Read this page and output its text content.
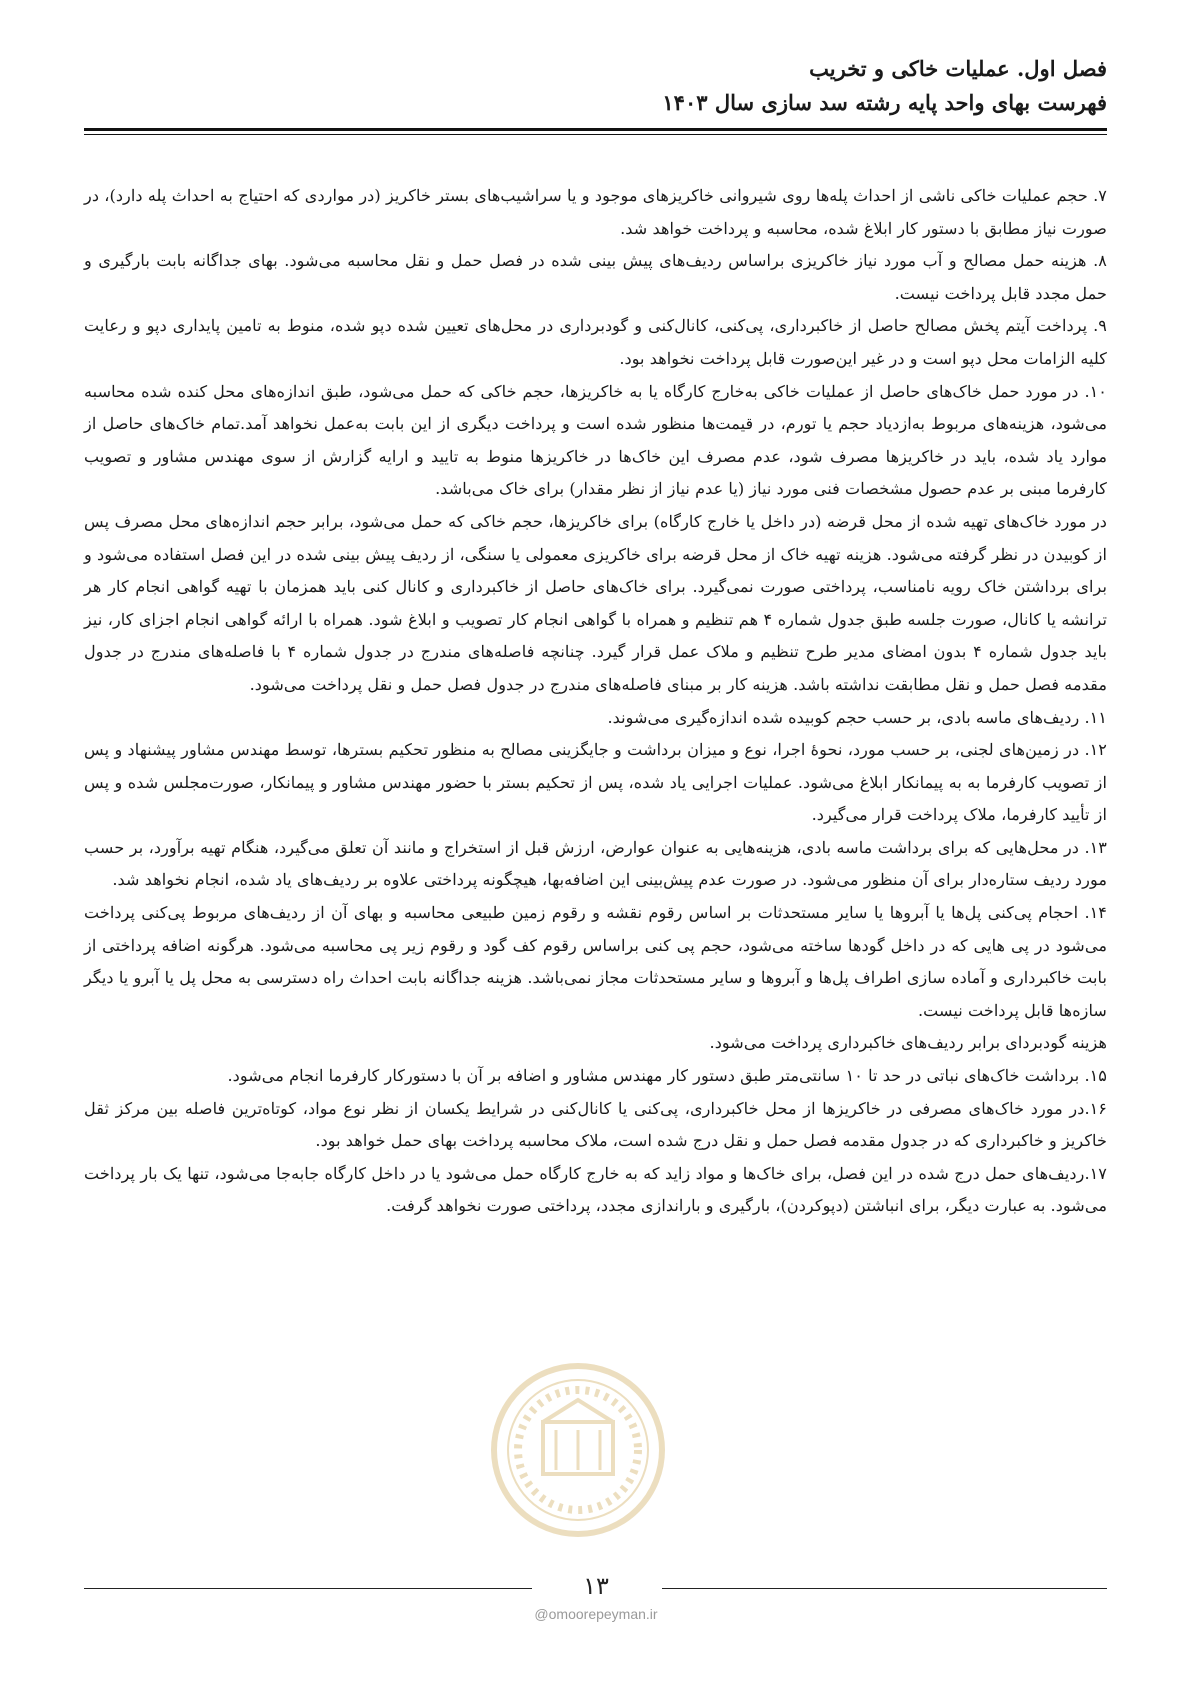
فصل اول. عملیات خاکی و تخریب
فهرست بهای واحد پایه رشته سد سازی سال ۱۴۰۳

۷. حجم عملیات خاکی ناشی از احداث پله‌ها روی شیروانی خاکریزهای موجود و یا سراشیب‌های بستر خاکریز (در مواردی که احتیاج به احداث پله دارد)، در صورت نیاز مطابق با دستور کار ابلاغ شده، محاسبه و پرداخت خواهد شد.

۸. هزینه حمل مصالح و آب مورد نیاز خاکریزی براساس ردیف‌های پیش بینی شده در فصل حمل و نقل محاسبه می‌شود. بهای جداگانه بابت بارگیری و حمل مجدد قابل پرداخت نیست.

۹. پرداخت آیتم پخش مصالح حاصل از خاکبرداری، پی‌کنی، کانال‌کنی و گودبرداری در محل‌های تعیین شده دپو شده، منوط به تامین پایداری دپو و رعایت کلیه الزامات محل دپو است و در غیر این‌صورت قابل پرداخت نخواهد بود.

۱۰. در مورد حمل خاک‌های حاصل از عملیات خاکی به‌خارج کارگاه یا به خاکریزها، حجم خاکی که حمل می‌شود، طبق اندازه‌های محل کنده شده محاسبه می‌شود، هزینه‌های مربوط به‌ازدیاد حجم یا تورم، در قیمت‌ها منظور شده است و پرداخت دیگری از این بابت به‌عمل نخواهد آمد.تمام خاک‌های حاصل از موارد یاد شده، باید در خاکریزها مصرف شود، عدم مصرف این خاک‌ها در خاکریزها منوط به تایید و ارایه گزارش از سوی مهندس مشاور و تصویب کارفرما مبنی بر عدم حصول مشخصات فنی مورد نیاز (یا عدم نیاز از نظر مقدار) برای خاک می‌باشد.

در مورد خاک‌های تهیه شده از محل قرضه (در داخل یا خارج کارگاه) برای خاکریزها، حجم خاکی که حمل می‌شود، برابر حجم اندازه‌های محل مصرف پس از کوبیدن در نظر گرفته می‌شود. هزینه تهیه خاک از محل قرضه برای خاکریزی معمولی یا سنگی، از ردیف پیش بینی شده در این فصل استفاده می‌شود و برای برداشتن خاک رویه نامناسب، پرداختی صورت نمی‌گیرد. برای خاک‌های حاصل از خاکبرداری و کانال کنی باید همزمان با تهیه گواهی انجام کار هر ترانشه یا کانال، صورت جلسه طبق جدول شماره ۴ هم تنظیم و همراه با گواهی انجام کار تصویب و ابلاغ شود. همراه با ارائه گواهی انجام اجزای کار، نیز باید جدول شماره ۴ بدون امضای مدیر طرح تنظیم و ملاک عمل قرار گیرد. چنانچه فاصله‌های مندرج در جدول شماره ۴ با فاصله‌های مندرج در جدول مقدمه فصل حمل و نقل مطابقت نداشته باشد. هزینه کار بر مبنای فاصله‌های مندرج در جدول فصل حمل و نقل پرداخت می‌شود.

۱۱. ردیف‌های ماسه بادی، بر حسب حجم کوبیده شده اندازه‌گیری می‌شوند.

۱۲. در زمین‌های لجنی، بر حسب مورد، نحوهٔ اجرا، نوع و میزان برداشت و جایگزینی مصالح به منظور تحکیم بسترها، توسط مهندس مشاور پیشنهاد و پس از تصویب کارفرما به به پیمانکار ابلاغ می‌شود. عملیات اجرایی یاد شده، پس از تحکیم بستر با حضور مهندس مشاور و پیمانکار، صورت‌مجلس شده و پس از تأیید کارفرما، ملاک پرداخت قرار می‌گیرد.

۱۳. در محل‌هایی که برای برداشت ماسه بادی، هزینه‌هایی به عنوان عوارض، ارزش قبل از استخراج و مانند آن تعلق می‌گیرد، هنگام تهیه برآورد، بر حسب مورد ردیف ستاره‌دار برای آن منظور می‌شود. در صورت عدم پیش‌بینی این اضافه‌بها، هیچگونه پرداختی علاوه بر ردیف‌های یاد شده، انجام نخواهد شد.

۱۴. احجام پی‌کنی پل‌ها یا آبروها یا سایر مستحدثات بر اساس رقوم نقشه و رقوم زمین طبیعی محاسبه و بهای آن از ردیف‌های مربوط پی‌کنی پرداخت می‌شود در پی هایی که در داخل گودها ساخته می‌شود، حجم پی کنی براساس رقوم کف گود و رقوم زیر پی محاسبه می‌شود. هرگونه اضافه پرداختی از بابت خاکبرداری و آماده سازی اطراف پل‌ها و آبروها و سایر مستحدثات مجاز نمی‌باشد. هزینه جداگانه بابت احداث راه دسترسی به محل پل یا آبرو یا دیگر سازه‌ها قابل پرداخت نیست.

هزینه گودبردای برابر ردیف‌های خاکبرداری پرداخت می‌شود.

۱۵. برداشت خاک‌های نباتی در حد تا ۱۰ سانتی‌متر طبق دستور کار مهندس مشاور و اضافه بر آن با دستورکار کارفرما انجام می‌شود.

۱۶.در مورد خاک‌های مصرفی در خاکریزها از محل خاکبرداری، پی‌کنی یا کانال‌کنی در شرایط یکسان از نظر نوع مواد، کوتاه‌ترین فاصله بین مرکز ثقل خاکریز و خاکبرداری که در جدول مقدمه فصل حمل و نقل درج شده است، ملاک محاسبه پرداخت بهای حمل خواهد بود.

۱۷.ردیف‌های حمل درج شده در این فصل، برای خاک‌ها و مواد زاید که به خارج کارگاه حمل می‌شود یا در داخل کارگاه جابه‌جا می‌شود، تنها یک بار پرداخت می‌شود. به عبارت دیگر، برای انباشتن (دپوکردن)، بارگیری و باراندازی مجدد، پرداختی صورت نخواهد گرفت.

۱۳
@omoorepeyman.ir
